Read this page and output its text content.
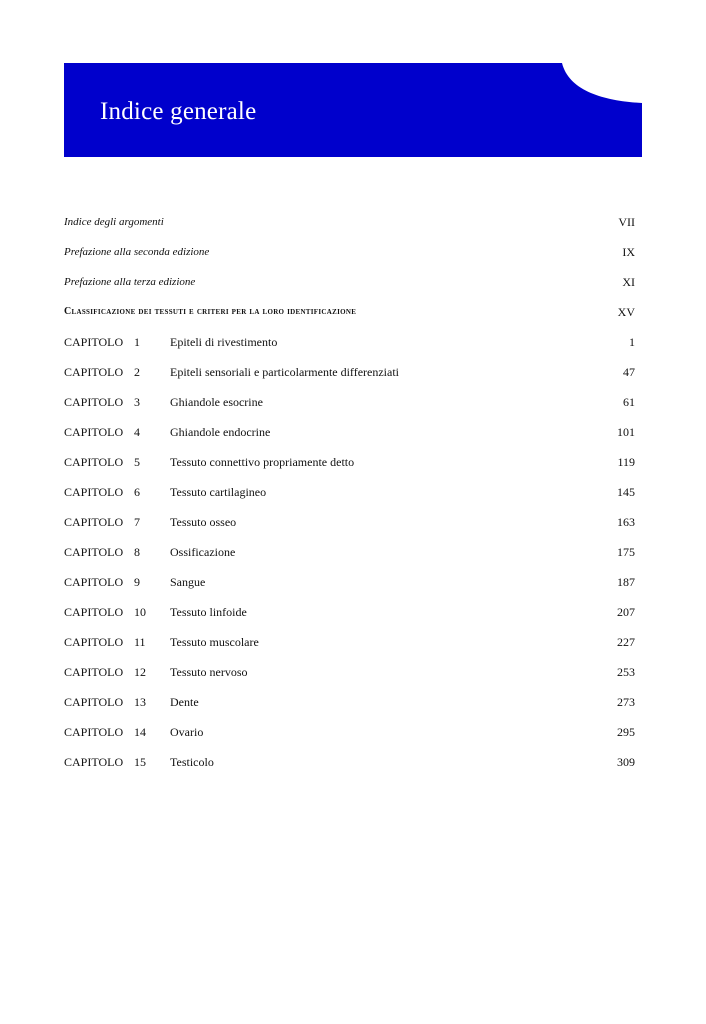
Indice generale
Indice degli argomenti	VII
Prefazione alla seconda edizione	IX
Prefazione alla terza edizione	XI
Classificazione dei tessuti e criteri per la loro identificazione	XV
CAPITOLO 1	Epiteli di rivestimento	1
CAPITOLO 2	Epiteli sensoriali e particolarmente differenziati	47
CAPITOLO 3	Ghiandole esocrine	61
CAPITOLO 4	Ghiandole endocrine	101
CAPITOLO 5	Tessuto connettivo propriamente detto	119
CAPITOLO 6	Tessuto cartilagineo	145
CAPITOLO 7	Tessuto osseo	163
CAPITOLO 8	Ossificazione	175
CAPITOLO 9	Sangue	187
CAPITOLO 10 Tessuto linfoide	207
CAPITOLO 11 Tessuto muscolare	227
CAPITOLO 12 Tessuto nervoso	253
CAPITOLO 13 Dente	273
CAPITOLO 14 Ovario	295
CAPITOLO 15 Testicolo	309
